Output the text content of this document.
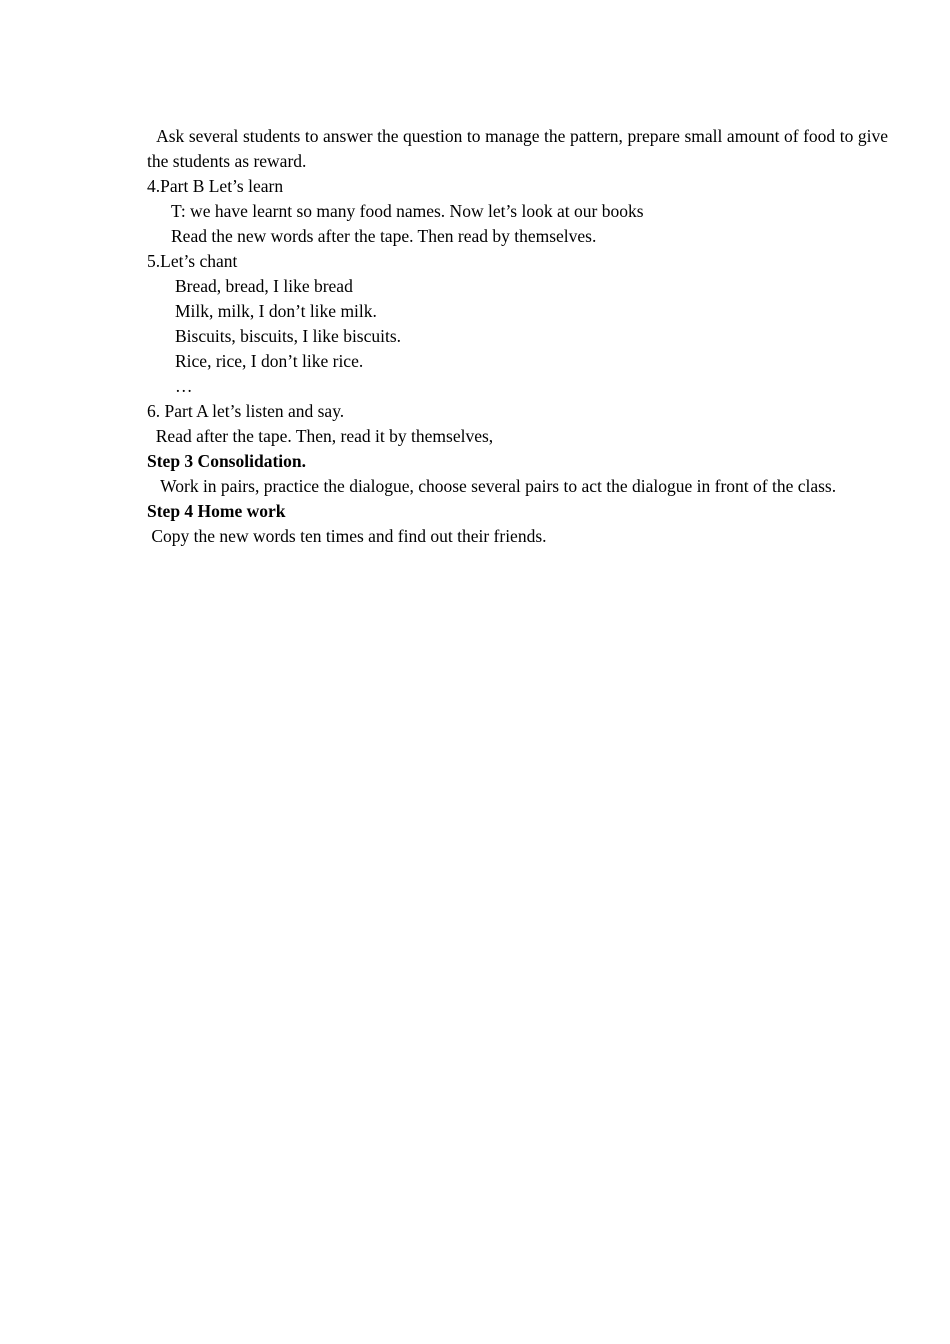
Ask several students to answer the question to manage the pattern, prepare small amount of food to give the students as reward.

4.Part B Let’s learn

T: we have learnt so many food names. Now let’s look at our books

Read the new words after the tape. Then read by themselves.

5.Let’s chant

Bread, bread, I like bread

Milk, milk, I don’t like milk.

Biscuits, biscuits, I like biscuits.

Rice, rice, I don’t like rice.

…

6. Part A let’s listen and say.

Read after the tape. Then, read it by themselves,

Step 3 Consolidation.

Work in pairs, practice the dialogue, choose several pairs to act the dialogue in front of the class.

Step 4 Home work

Copy the new words ten times and find out their friends.
